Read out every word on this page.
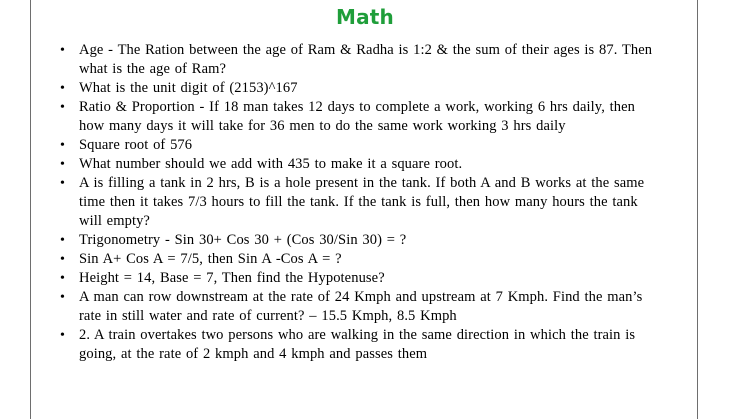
Math
• Age - The Ration between the age of Ram & Radha is 1:2 & the sum of their ages is 87. Then what is the age of Ram?
• What is the unit digit of (2153)^167
• Ratio & Proportion - If 18 man takes 12 days to complete a work, working 6 hrs daily, then how many days it will take for 36 men to do the same work working 3 hrs daily
• Square root of 576
• What number should we add with 435 to make it a square root.
• A is filling a tank in 2 hrs, B is a hole present in the tank. If both A and B works at the same time then it takes 7/3 hours to fill the tank. If the tank is full, then how many hours the tank will empty?
• Trigonometry - Sin 30+ Cos 30 + (Cos 30/Sin 30) = ?
• Sin A+ Cos A = 7/5, then Sin A -Cos A = ?
• Height = 14, Base = 7, Then find the Hypotenuse?
• A man can row downstream at the rate of 24 Kmph and upstream at 7 Kmph. Find the man’s rate in still water and rate of current? – 15.5 Kmph, 8.5 Kmph
• 2. A train overtakes two persons who are walking in the same direction in which the train is going, at the rate of 2 kmph and 4 kmph and passes them
